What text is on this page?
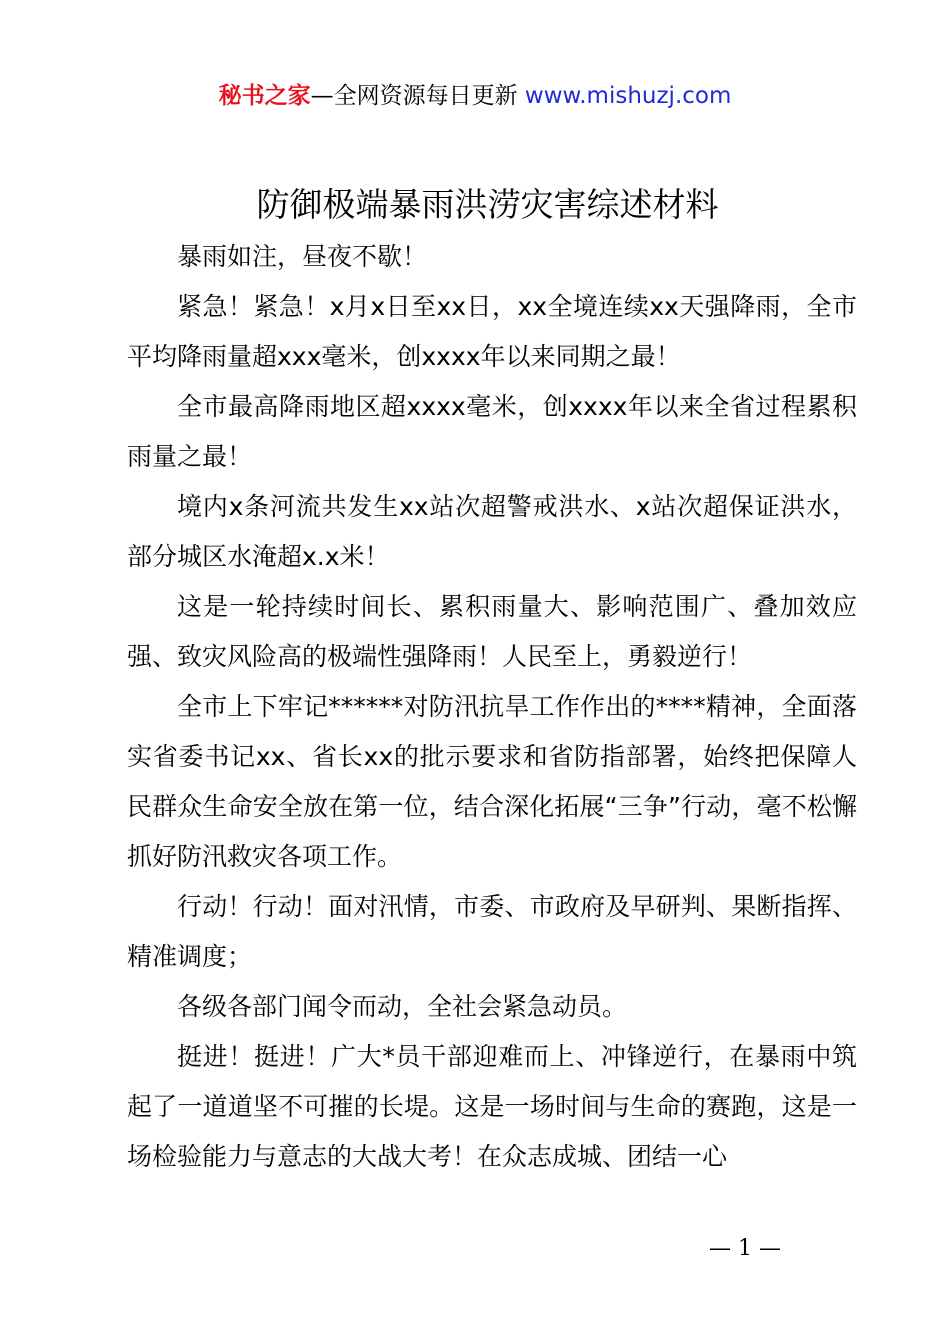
秘书之家—全网资源每日更新 www.mishuzj.com
防御极端暴雨洪涝灾害综述材料

暴雨如注，昼夜不歇！

紧急！紧急！x月x日至xx日，xx全境连续xx天强降雨，全市平均降雨量超xxx毫米，创xxxx年以来同期之最！

全市最高降雨地区超xxxx毫米，创xxxx年以来全省过程累积雨量之最！

境内x条河流共发生xx站次超警戒洪水、x站次超保证洪水，部分城区水淹超x.x米！

这是一轮持续时间长、累积雨量大、影响范围广、叠加效应强、致灾风险高的极端性强降雨！人民至上，勇毅逆行！

全市上下牢记******对防汛抗旱工作作出的****精神，全面落实省委书记xx、省长xx的批示要求和省防指部署，始终把保障人民群众生命安全放在第一位，结合深化拓展“三争”行动，毫不松懈抓好防汛救灾各项工作。

行动！行动！面对汛情，市委、市政府及早研判、果断指挥、精准调度；

各级各部门闻令而动，全社会紧急动员。

挺进！挺进！广大*员干部迎难而上、冲锋逆行，在暴雨中筑起了一道道坚不可摧的长堤。这是一场时间与生命的赛跑，这是一场检验能力与意志的大战大考！在众志成城、团结一心

— 1 —
